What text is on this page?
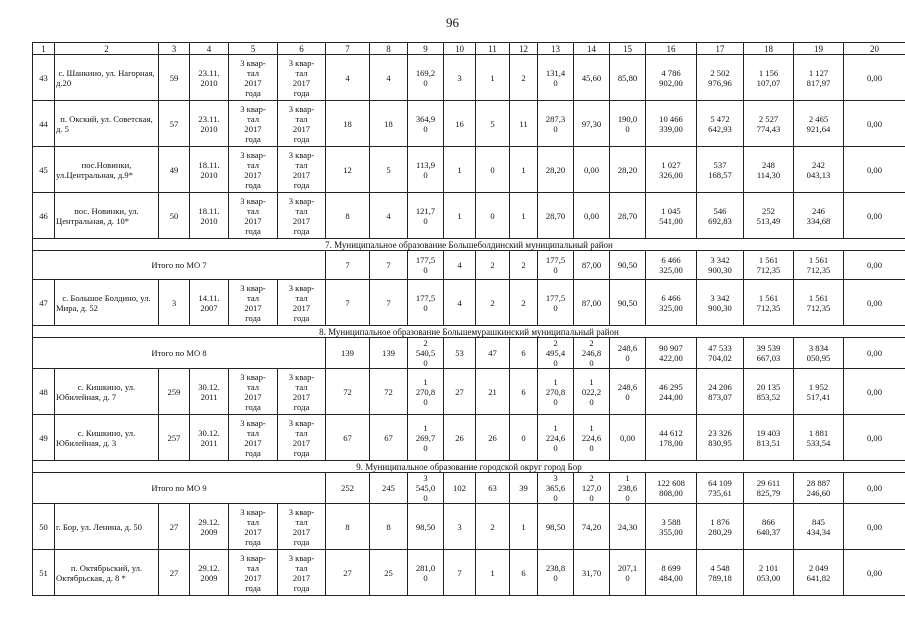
96
1	2	3	4	5	6	7	8	9	10	11	12	13	14	15	16	17	18	19	20
43	с. Шанкино, ул. Нагорная, д.20	59	23.11.
2010	3 квар-
тал
2017
года	3 квар-
тал
2017
года	4	4	169,2
0	3	1	2	131,4
0	45,60	85,80	4 786
902,00	2 502
976,96	1 156
107,07	1 127
817,97	0,00
44	п. Окский, ул. Советская, д. 5	57	23.11.
2010	3 квар-
тал
2017
года	3 квар-
тал
2017
года	18	18	364,9
0	16	5	11	287,3
0	97,30	190,0
0	10 466
339,00	5 472
642,93	2 527
774,43	2 465
921,64	0,00
45	пос.Новинки, ул.Центральная, д.9*	49	18.11.
2010	3 квар-
тал
2017
года	3 квар-
тал
2017
года	12	5	113,9
0	1	0	1	28,20	0,00	28,20	1 027
326,00	537
168,57	248
114,30	242
043,13	0,00
46	пос. Новинки, ул. Центральная, д. 10*	50	18.11.
2010	3 квар-
тал
2017
года	3 квар-
тал
2017
года	8	4	121,7
0	1	0	1	28,70	0,00	28,70	1 045
541,00	546
692,83	252
513,49	246
334,68	0,00
7. Муниципальное образование Большеболдинский муниципальный район																			
Итого по МО 7						7	7	177,5
0	4	2	2	177,5
0	87,00	90,50	6 466
325,00	3 342
900,30	1 561
712,35	1 561
712,35	0,00
47	с. Большое Болдино, ул. Мира, д. 52	3	14.11.
2007	3 квар-
тал
2017
года	3 квар-
тал
2017
года	7	7	177,5
0	4	2	2	177,5
0	87,00	90,50	6 466
325,00	3 342
900,30	1 561
712,35	1 561
712,35	0,00
8. Муниципальное образование Большемурашкинский муниципальный район																			
Итого по МО 8						139	139	2
540,5
0	53	47	6	2
495,4
0	2
246,8
0	248,6
0	90 907
422,00	47 533
704,02	39 539
667,03	3 834
050,95	0,00
48	с. Кишкино, ул. Юбилейная, д. 7	259	30.12.
2011	3 квар-
тал
2017
года	3 квар-
тал
2017
года	72	72	1
270,8
0	27	21	6	1
270,8
0	1
022,2
0	248,6
0	46 295
244,00	24 206
873,07	20 135
853,52	1 952
517,41	0,00
49	с. Кишкино, ул. Юбилейная, д. 3	257	30.12.
2011	3 квар-
тал
2017
года	3 квар-
тал
2017
года	67	67	1
269,7
0	26	26	0	1
224,6
0	1
224,6
0	0,00	44 612
178,00	23 326
830,95	19 403
813,51	1 881
533,54	0,00
9. Муниципальное образование городской округ город Бор																			
Итого по МО 9						252	245	3
545,0
0	102	63	39	3
365,6
0	2
127,0
0	1
238,6
0	122 608
808,00	64 109
735,61	29 611
825,79	28 887
246,60	0,00
50	г. Бор, ул. Ленина, д. 50	27	29.12.
2009	3 квар-
тал
2017
года	3 квар-
тал
2017
года	8	8	98,50	3	2	1	98,50	74,20	24,30	3 588
355,00	1 876
280,29	866
640,37	845
434,34	0,00
51	п. Октябрьский, ул. Октябрьская, д. 8 *	27	29.12.
2009	3 квар-
тал
2017
года	3 квар-
тал
2017
года	27	25	281,0
0	7	1	6	238,8
0	31,70	207,1
0	8 699
484,00	4 548
789,18	2 101
053,00	2 049
641,82	0,00
